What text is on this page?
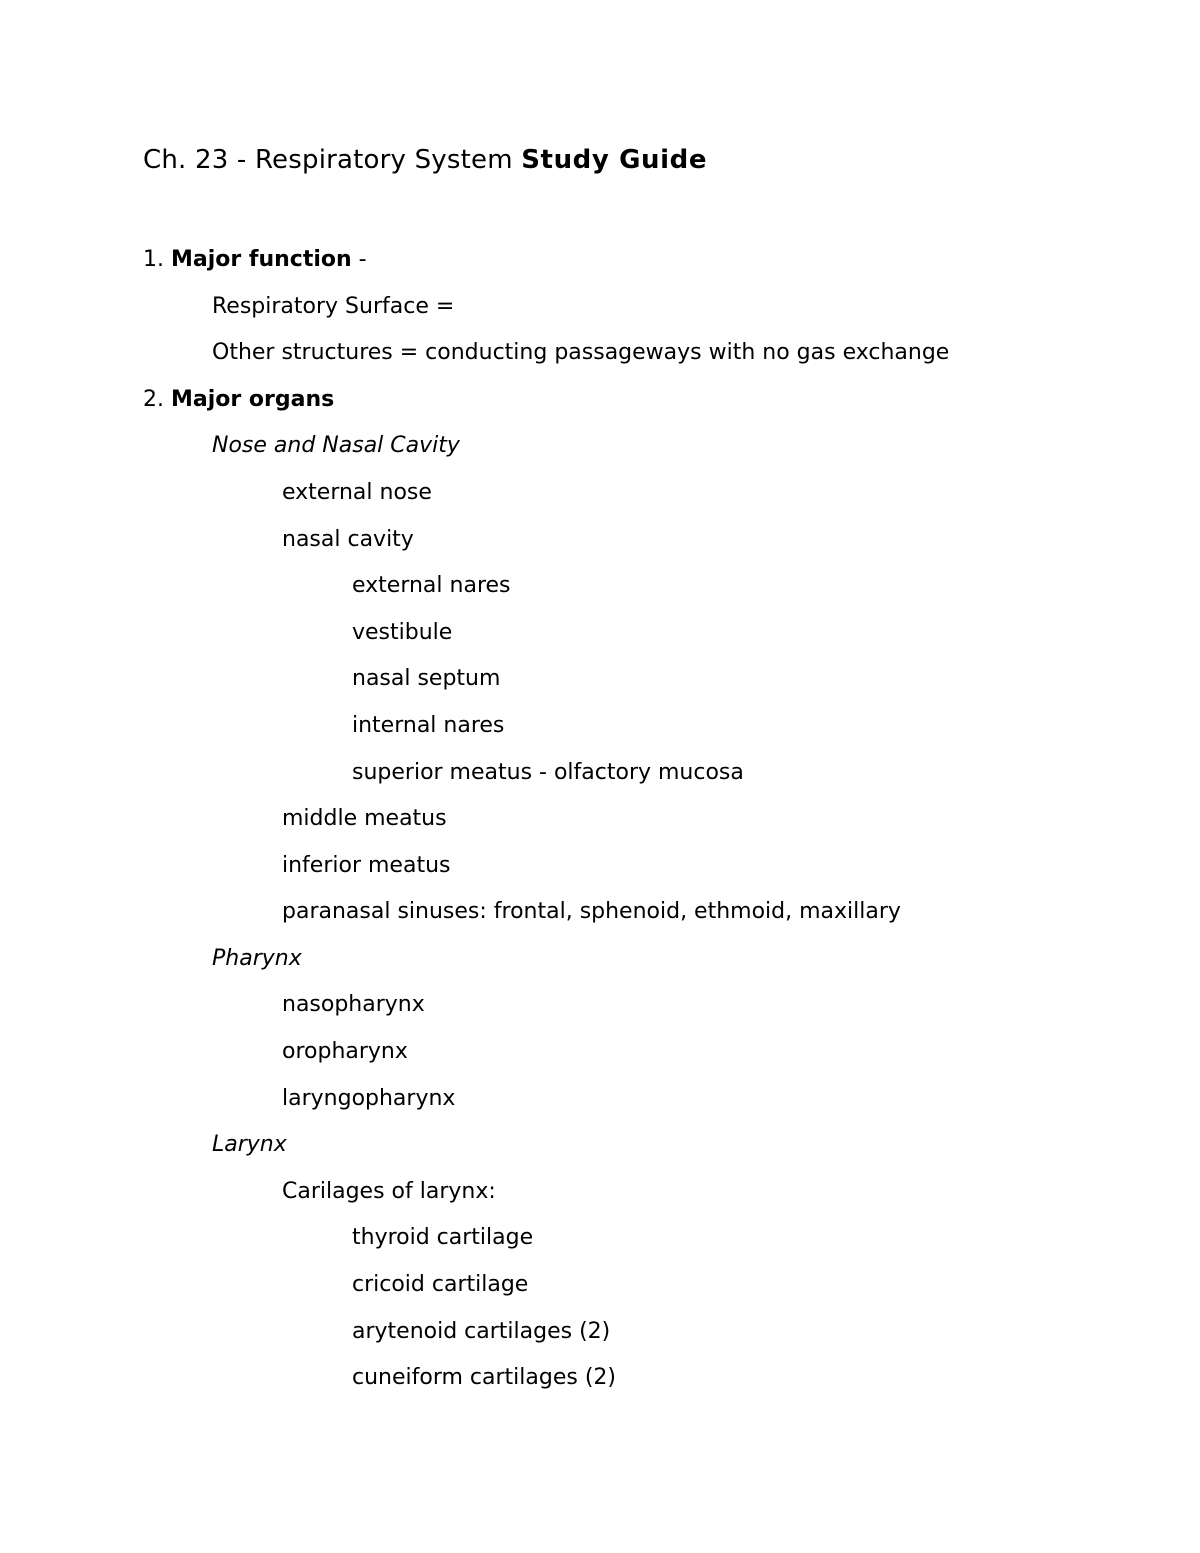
Ch. 23 - Respiratory System Study Guide
1. Major function -
Respiratory Surface =
Other structures = conducting passageways with no gas exchange
2. Major organs
Nose and Nasal Cavity
external nose
nasal cavity
external nares
vestibule
nasal septum
internal nares
superior meatus - olfactory mucosa
middle meatus
inferior meatus
paranasal sinuses: frontal, sphenoid, ethmoid, maxillary
Pharynx
nasopharynx
oropharynx
laryngopharynx
Larynx
Carilages of larynx:
thyroid cartilage
cricoid cartilage
arytenoid cartilages (2)
cuneiform cartilages (2)
